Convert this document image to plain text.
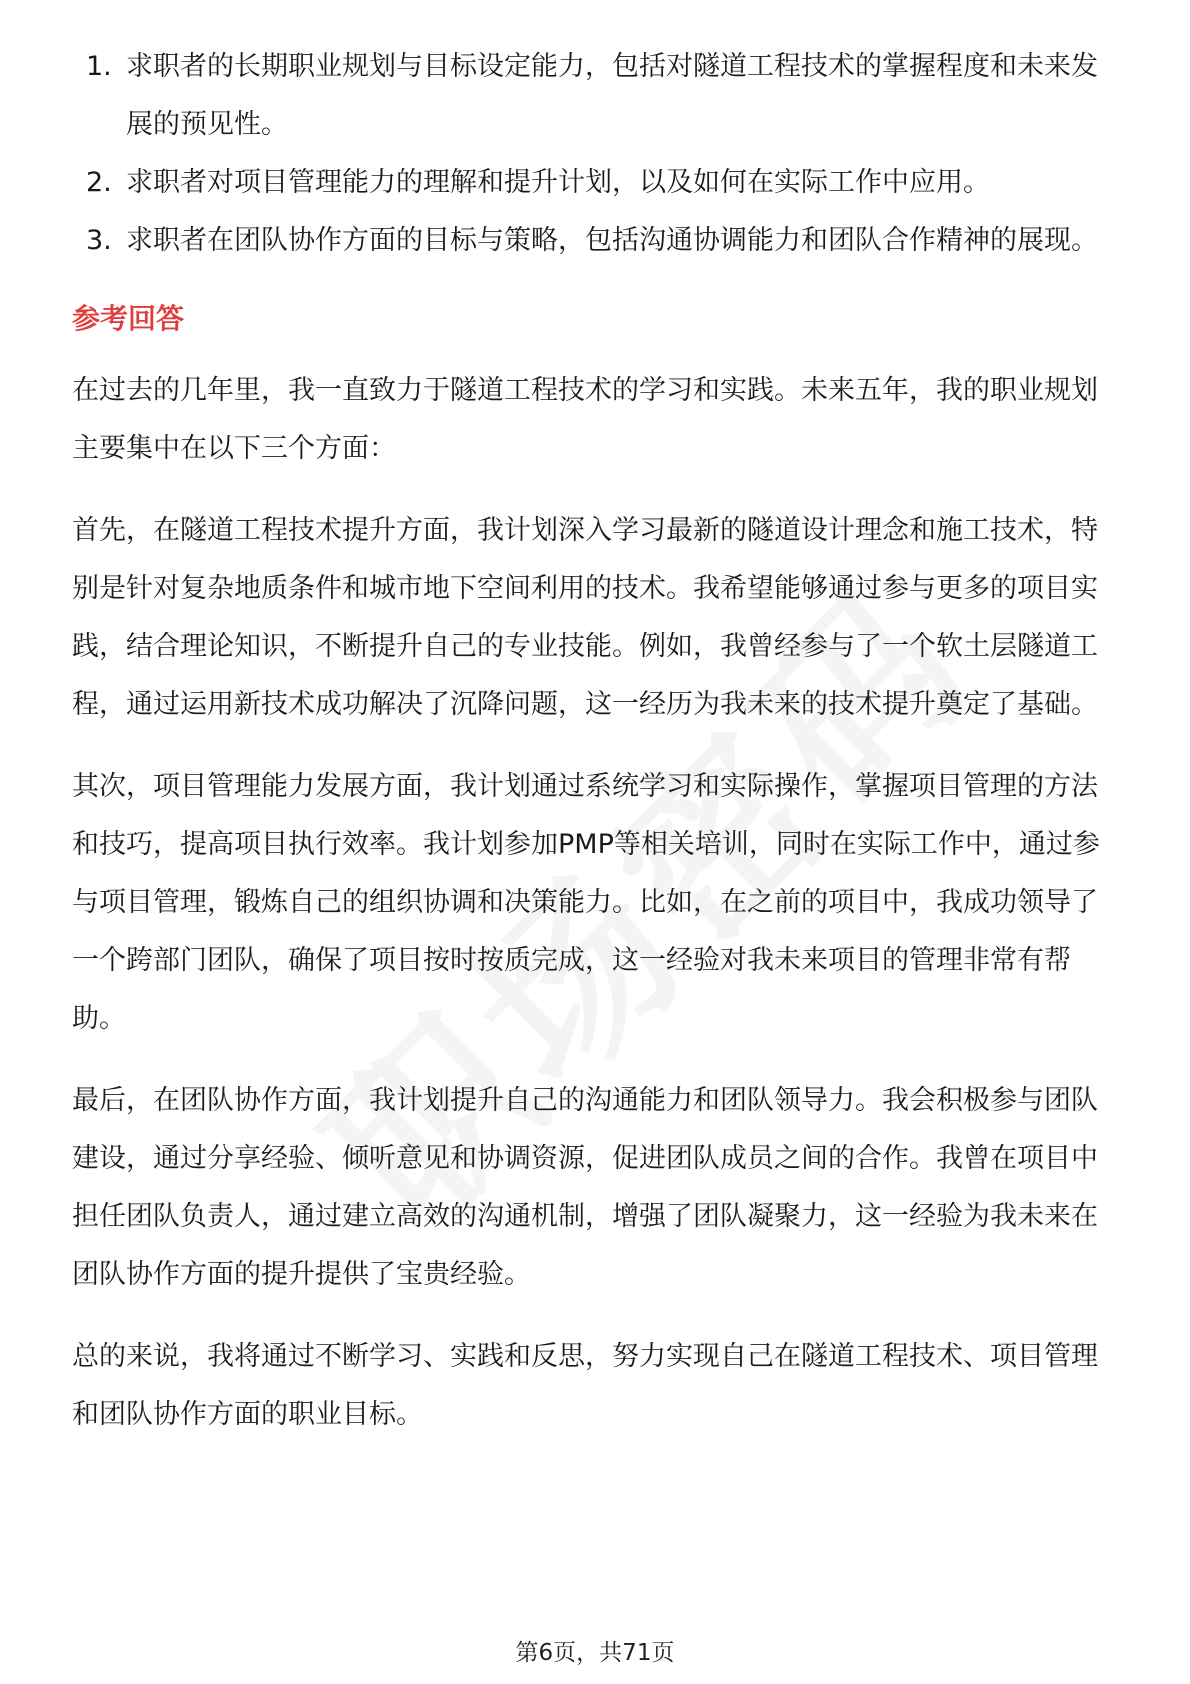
1. 求职者的长期职业规划与目标设定能力，包括对隧道工程技术的掌握程度和未来发展的预见性。
2. 求职者对项目管理能力的理解和提升计划，以及如何在实际工作中应用。
3. 求职者在团队协作方面的目标与策略，包括沟通协调能力和团队合作精神的展现。
参考回答

在过去的几年里，我一直致力于隧道工程技术的学习和实践。未来五年，我的职业规划主要集中在以下三个方面：

首先，在隧道工程技术提升方面，我计划深入学习最新的隧道设计理念和施工技术，特别是针对复杂地质条件和城市地下空间利用的技术。我希望能够通过参与更多的项目实践，结合理论知识，不断提升自己的专业技能。例如，我曾经参与了一个软土层隧道工程，通过运用新技术成功解决了沉降问题，这一经历为我未来的技术提升奠定了基础。

其次，项目管理能力发展方面，我计划通过系统学习和实际操作，掌握项目管理的方法和技巧，提高项目执行效率。我计划参加PMP等相关培训，同时在实际工作中，通过参与项目管理，锻炼自己的组织协调和决策能力。比如，在之前的项目中，我成功领导了一个跨部门团队，确保了项目按时按质完成，这一经验对我未来项目的管理非常有帮助。

最后，在团队协作方面，我计划提升自己的沟通能力和团队领导力。我会积极参与团队建设，通过分享经验、倾听意见和协调资源，促进团队成员之间的合作。我曾在项目中担任团队负责人，通过建立高效的沟通机制，增强了团队凝聚力，这一经验为我未来在团队协作方面的提升提供了宝贵经验。

总的来说，我将通过不断学习、实践和反思，努力实现自己在隧道工程技术、项目管理和团队协作方面的职业目标。

第6页，共71页
